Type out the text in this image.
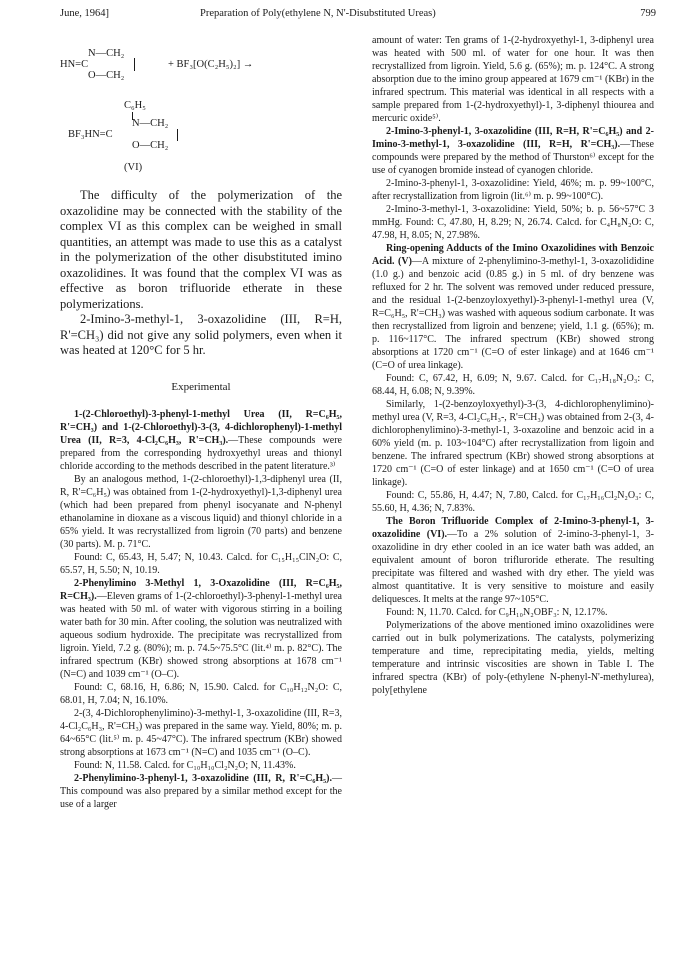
June, 1964]	Preparation of Poly(ethylene N, N'-Disubstituted Ureas)	799
N—CH₂
HN=C
O—CH₂
+ BF₃[O(C₂H₅)₂] →
C₆H₅
N—CH₂
BF₃HN=C
O—CH₂
(VI)

The difficulty of the polymerization of the oxazolidine may be connected with the stability of the complex VI as this complex can be weighed in small quantities, an attempt was made to use this as a catalyst in the polymerization of the other disubstituted imino oxazolidines. It was found that the complex VI was as effective as boron trifluoride etherate in these polymerizations.

2-Imino-3-methyl-1, 3-oxazolidine (III, R=H, R'=CH₃) did not give any solid polymers, even when it was heated at 120°C for 5 hr.

Experimental

1-(2-Chloroethyl)-3-phenyl-1-methyl Urea (II, R=C₆H₅, R'=CH₃) and 1-(2-Chloroethyl)-3-(3, 4-dichlorophenyl)-1-methyl Urea (II, R=3, 4-Cl₂C₆H₃, R'=CH₃).—These compounds were prepared from the corresponding hydroxyethyl ureas and thionyl chloride according to the methods described in the patent literature.³⁾

By an analogous method, 1-(2-chloroethyl)-1,3-diphenyl urea (II, R, R'=C₆H₅) was obtained from 1-(2-hydroxyethyl)-1,3-diphenyl urea (which had been prepared from phenyl isocyanate and N-phenyl ethanolamine in dioxane as a viscous liquid) and thionyl chloride in a 65% yield. It was recrystallized from ligroin (70 parts) and benzene (30 parts). M. p. 71°C.

Found: C, 65.43, H, 5.47; N, 10.43. Calcd. for C₁₅H₁₅ClN₂O: C, 65.57, H, 5.50; N, 10.19.

2-Phenylimino 3-Methyl 1, 3-Oxazolidine (III, R=C₆H₅, R=CH₃).—Eleven grams of 1-(2-chloroethyl)-3-phenyl-1-methyl urea was heated with 50 ml. of water with vigorous stirring in a boiling water bath for 30 min. After cooling, the solution was neutralized with aqueous sodium hydroxide. The precipitate was recrystallized from ligroin. Yield, 7.2 g. (80%); m. p. 74.5~75.5°C (lit.⁴⁾ m. p. 82°C). The infrared spectrum (KBr) showed strong absorptions at 1678 cm⁻¹ (N=C) and 1039 cm⁻¹ (O–C).

Found: C, 68.16, H, 6.86; N, 15.90. Calcd. for C₁₀H₁₂N₂O: C, 68.01, H, 7.04; N, 16.10%.

2-(3, 4-Dichlorophenylimino)-3-methyl-1, 3-oxazolidine (III, R=3, 4-Cl₂C₆H₃, R'=CH₃) was prepared in the same way. Yield, 80%; m. p. 64~65°C (lit.⁵⁾ m. p. 45~47°C). The infrared spectrum (KBr) showed strong absorptions at 1673 cm⁻¹ (N=C) and 1035 cm⁻¹ (O–C).

Found: N, 11.58. Calcd. for C₁₀H₁₀Cl₂N₂O; N, 11.43%.

2-Phenylimino-3-phenyl-1, 3-oxazolidine (III, R, R'=C₆H₅).—This compound was also prepared by a similar method except for the use of a larger

amount of water: Ten grams of 1-(2-hydroxyethyl-1, 3-diphenyl urea was heated with 500 ml. of water for one hour. It was then recrystallized from ligroin. Yield, 5.6 g. (65%); m. p. 124°C. A strong absorption due to the imino group appeared at 1679 cm⁻¹ (KBr) in the infrared spectrum. This material was identical in all respects with a sample prepared from 1-(2-hydroxyethyl)-1, 3-diphenyl thiourea and mercuric oxide⁵⁾.

2-Imino-3-phenyl-1, 3-oxazolidine (III, R=H, R'=C₆H₅) and 2-Imino-3-methyl-1, 3-oxazolidine (III, R=H, R'=CH₃).—These compounds were prepared by the method of Thurston⁶⁾ except for the use of cyanogen bromide instead of cyanogen chloride.

2-Imino-3-phenyl-1, 3-oxazolidine: Yield, 46%; m. p. 99~100°C, after recrystallization from ligroin (lit.⁶⁾ m. p. 99~100°C).

2-Imino-3-methyl-1, 3-oxazolidine: Yield, 50%; b. p. 56~57°C 3 mmHg. Found: C, 47.80, H, 8.29; N, 26.74. Calcd. for C₄H₈N₂O: C, 47.98, H, 8.05; N, 27.98%.

Ring-opening Adducts of the Imino Oxazolidines with Benzoic Acid. (V)—A mixture of 2-phenylimino-3-methyl-1, 3-oxazolididine (1.0 g.) and benzoic acid (0.85 g.) in 5 ml. of dry benzene was refluxed for 2 hr. The solvent was removed under reduced pressure, and the residual 1-(2-benzoyloxyethyl)-3-phenyl-1-methyl urea (V, R=C₆H₅, R'=CH₃) was washed with aqueous sodium carbonate. It was then recrystallized from ligroin and benzene; yield, 1.1 g. (65%); m. p. 116~117°C. The infrared spectrum (KBr) showed strong absorptions at 1720 cm⁻¹ (C=O of ester linkage) and at 1646 cm⁻¹ (C=O of urea linkage).

Found: C, 67.42, H, 6.09; N, 9.67. Calcd. for C₁₇H₁₈N₂O₃: C, 68.44, H, 6.08; N, 9.39%.

Similarly, 1-(2-benzoyloxyethyl)-3-(3, 4-dichlorophenylimino)-methyl urea (V, R=3, 4-Cl₂C₆H₃-, R'=CH₃) was obtained from 2-(3, 4-dichlorophenylimino)-3-methyl-1, 3-oxazoline and benzoic acid in a 60% yield (m. p. 103~104°C) after recrystallization from ligoin and benzene. The infrared spectrum (KBr) showed strong absorptions at 1720 cm⁻¹ (C=O of ester linkage) and at 1650 cm⁻¹ (C=O of urea linkage).

Found: C, 55.86, H, 4.47; N, 7.80, Calcd. for C₁₇H₁₆Cl₂N₂O₃: C, 55.60, H, 4.36; N, 7.83%.

The Boron Trifluoride Complex of 2-Imino-3-phenyl-1, 3-oxazolidine (VI).—To a 2% solution of 2-imino-3-phenyl-1, 3-oxazolidine in dry ether cooled in an ice water bath was added, an equivalent amount of boron trifluroride etherate. The resulting precipitate was filtered and washed with dry ether. The yield was almost quantitative. It is very sensitive to moisture and easily deliquesces. It melts at the range 97~105°C.

Found: N, 11.70. Calcd. for C₉H₁₀N₂OBF₃: N, 12.17%.

Polymerizations of the above mentioned imino oxazolidines were carried out in bulk polymerizations. The catalysts, polymerizing temperature and time, reprecipitating media, yields, melting temperature and intrinsic viscosities are shown in Table I. The infrared spectra (KBr) of poly-(ethylene N-phenyl-N'-methylurea), poly[ethylene
